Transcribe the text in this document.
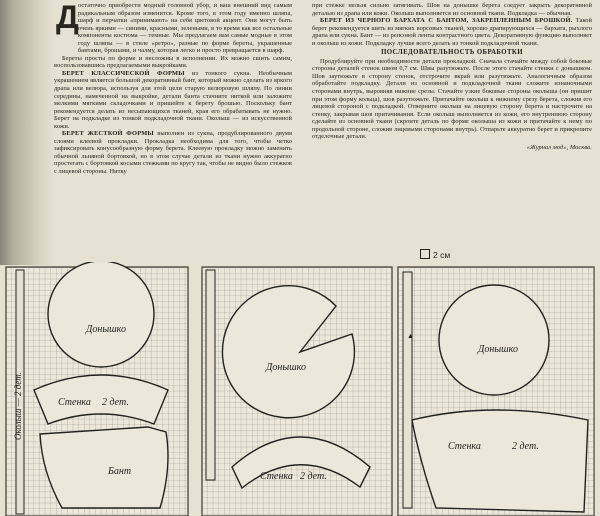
Д остаточно приобрести модный головной убор, и ваш внешний вид самым радикальным образом изменится. Кроме того, в этом году именно шляпа, шарф и перчатки «принимают» на себя цветовой акцент. Они могут быть очень яркими — синими, красными, зелеными, в то время как все остальные компоненты костюма — темные. Мы предлагаем вам самые модные в этом году шляпы — в стиле «ретро», разные по форме береты, украшенные бантами, брошами, и чалму, которая легко и просто превращается в шарф.

Береты просты по форме и несложны в исполнении. Их можно сшить самим, воспользовавшись предлагаемыми выкройками.

БЕРЕТ КЛАССИЧЕСКОЙ ФОРМЫ из тонкого сукна. Необычным украшением является большой декоративный бант, который можно сделать из яркого драпа или велюра, используя для этой цели старую велюровую шляпу. По линии середины, намеченной на выкройке, детали банта стачните ниткой или заложите мелкими мягкими складочками и пришейте к берету брошью. Поскольку бант рекомендуется делать из несыпающихся тканей, края его обрабатывать не нужно. Берет на подкладке из тонкой подкладочной ткани. Околыш — из искусственной кожи.

БЕРЕТ ЖЕСТКОЙ ФОРМЫ выполнен из сукна, продублированного двумя слоями клеевой прокладки. Прокладка необходима для того, чтобы четко зафиксировать конусообразную форму берета. Клеевую прокладку можно заменить обычной льняной бортовкой, но в этом случае детали из ткани нужно аккуратно простегать с бортовкой косыми стежками по кругу так, чтобы не видно было стежков с лицевой стороны. Нитку

при стежке нельзя сильно затягивать. Шов на донышке берета следует закрыть декоративной деталью из драпа или кожи. Околыш выполняется из основной ткани. Подкладка — обычная.

БЕРЕТ ИЗ ЧЕРНОГО БАРХАТА С БАНТОМ, ЗАКРЕПЛЕННЫМ БРОШКОЙ. Такой берет рекомендуется шить из мягких ворсовых тканей, хорошо драпирующихся — бархата, рыхлого драпа или сукна. Бант — из репсовой ленты контрастного цвета. Декоративную функцию выполняет и околыш из кожи. Подкладку лучше всего делать из тонкой подкладочной ткани.

ПОСЛЕДОВАТЕЛЬНОСТЬ ОБРАБОТКИ

Продублируйте при необходимости детали прокладкой. Сначала стачайте между собой боковые стороны деталей стенок швом 0,7 см. Швы разутюжьте. После этого стачайте стенки с донышком. Шов заутюжьте в сторону стенок, отстрочите вкрай или разутюжьте. Аналогичным образом обработайте подкладку. Детали из основной и подкладочной ткани сложите изнаночными сторонами внутрь, выровняв нижние срезы. Стачайте узкие боковые стороны околыша (он пришит при этом форму кольца), шов разутюжьте. Притачайте околыш к нижнему срезу берета, сложив его лицевой стороной с подкладкой. Отверните околыш на лицевую сторону берета и настрочите на стенку, закрывая шов притачивания. Если околыш выполняется из кожи, его внутреннюю сторону сделайте из основной ткани (скроите деталь по форме околыша из кожи и притачайте к нему по продольной стороне, сложив лицевыми сторонами внутрь). Отпарьте аккуратно берет и прикрепите отделочные детали.

«Журнал мод», Москва.

2 см
Околыш — 2 дет.
Донышко
Стенка 2 дет.
Бант
Донышко
Стенка 2 дет.
▲
Донышко
Стенка	2 дет.
